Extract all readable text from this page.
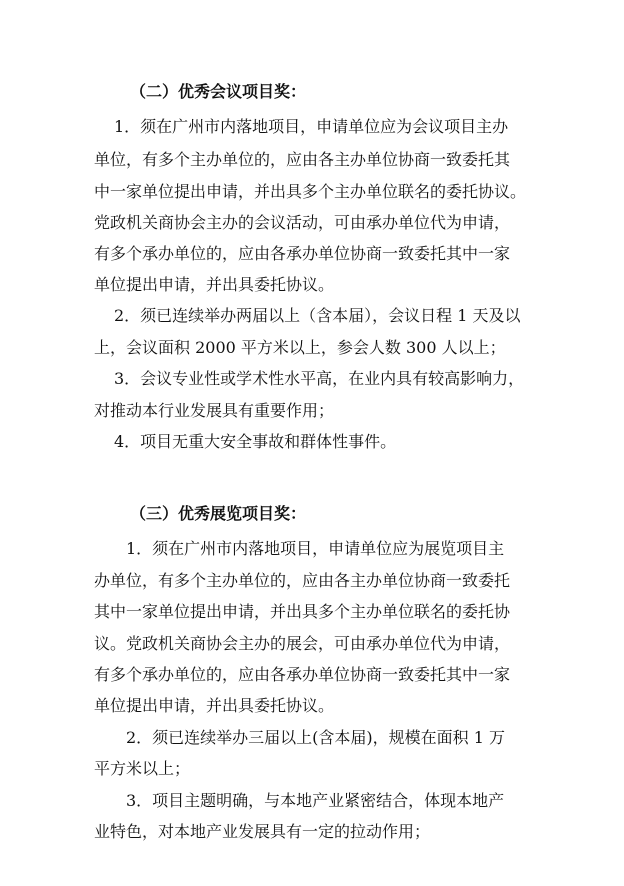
（二）优秀会议项目奖：
1．须在广州市内落地项目，申请单位应为会议项目主办
单位，有多个主办单位的，应由各主办单位协商一致委托其
中一家单位提出申请，并出具多个主办单位联名的委托协议。
党政机关商协会主办的会议活动，可由承办单位代为申请，
有多个承办单位的，应由各承办单位协商一致委托其中一家
单位提出申请，并出具委托协议。
2．须已连续举办两届以上（含本届），会议日程 1 天及以
上，会议面积 2000 平方米以上，参会人数 300 人以上；
3．会议专业性或学术性水平高，在业内具有较高影响力，
对推动本行业发展具有重要作用；
4．项目无重大安全事故和群体性事件。
（三）优秀展览项目奖：
1．须在广州市内落地项目，申请单位应为展览项目主
办单位，有多个主办单位的，应由各主办单位协商一致委托
其中一家单位提出申请，并出具多个主办单位联名的委托协
议。党政机关商协会主办的展会，可由承办单位代为申请，
有多个承办单位的，应由各承办单位协商一致委托其中一家
单位提出申请，并出具委托协议。
2．须已连续举办三届以上(含本届)，规模在面积 1 万
平方米以上；
3．项目主题明确，与本地产业紧密结合，体现本地产
业特色，对本地产业发展具有一定的拉动作用；
